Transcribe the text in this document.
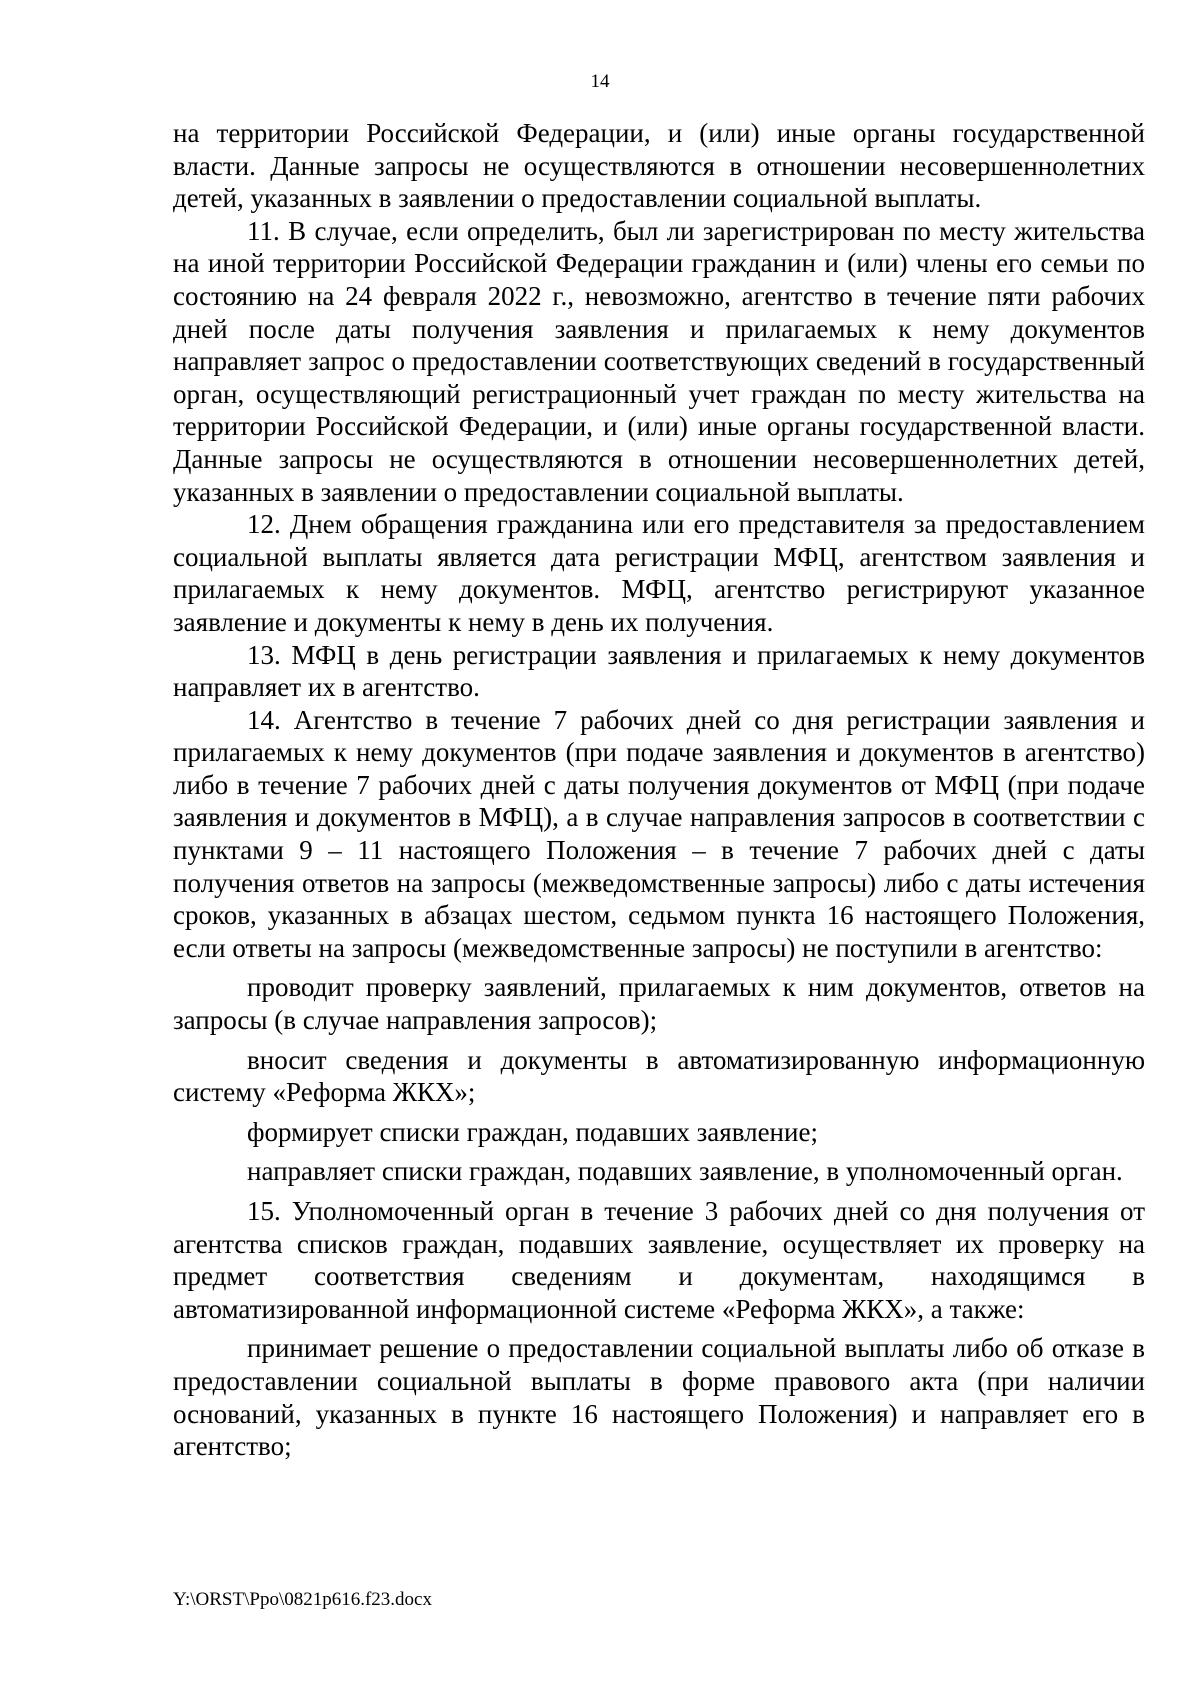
14

на территории Российской Федерации, и (или) иные органы государственной власти. Данные запросы не осуществляются в отношении несовершеннолетних детей, указанных в заявлении о предоставлении социальной выплаты.

11. В случае, если определить, был ли зарегистрирован по месту жительства на иной территории Российской Федерации гражданин и (или) члены его семьи по состоянию на 24 февраля 2022 г., невозможно, агентство в течение пяти рабочих дней после даты получения заявления и прилагаемых к нему документов направляет запрос о предоставлении соответствующих сведений в государственный орган, осуществляющий регистрационный учет граждан по месту жительства на территории Российской Федерации, и (или) иные органы государственной власти. Данные запросы не осуществляются в отношении несовершеннолетних детей, указанных в заявлении о предоставлении социальной выплаты.

12. Днем обращения гражданина или его представителя за предоставлением социальной выплаты является дата регистрации МФЦ, агентством заявления и прилагаемых к нему документов. МФЦ, агентство регистрируют указанное заявление и документы к нему в день их получения.

13. МФЦ в день регистрации заявления и прилагаемых к нему документов направляет их в агентство.

14. Агентство в течение 7 рабочих дней со дня регистрации заявления и прилагаемых к нему документов (при подаче заявления и документов в агентство) либо в течение 7 рабочих дней с даты получения документов от МФЦ (при подаче заявления и документов в МФЦ), а в случае направления запросов в соответствии с пунктами 9 – 11 настоящего Положения – в течение 7 рабочих дней с даты получения ответов на запросы (межведомственные запросы) либо с даты истечения сроков, указанных в абзацах шестом, седьмом пункта 16 настоящего Положения, если ответы на запросы (межведомственные запросы) не поступили в агентство:

проводит проверку заявлений, прилагаемых к ним документов, ответов на запросы (в случае направления запросов);

вносит сведения и документы в автоматизированную информационную систему «Реформа ЖКХ»;

формирует списки граждан, подавших заявление;

направляет списки граждан, подавших заявление, в уполномоченный орган.

15. Уполномоченный орган в течение 3 рабочих дней со дня получения от агентства списков граждан, подавших заявление, осуществляет их проверку на предмет соответствия сведениям и документам, находящимся в автоматизированной информационной системе «Реформа ЖКХ», а также:

принимает решение о предоставлении социальной выплаты либо об отказе в предоставлении социальной выплаты в форме правового акта (при наличии оснований, указанных в пункте 16 настоящего Положения) и направляет его в агентство;

Y:\ORST\Ppo\0821p616.f23.docx
